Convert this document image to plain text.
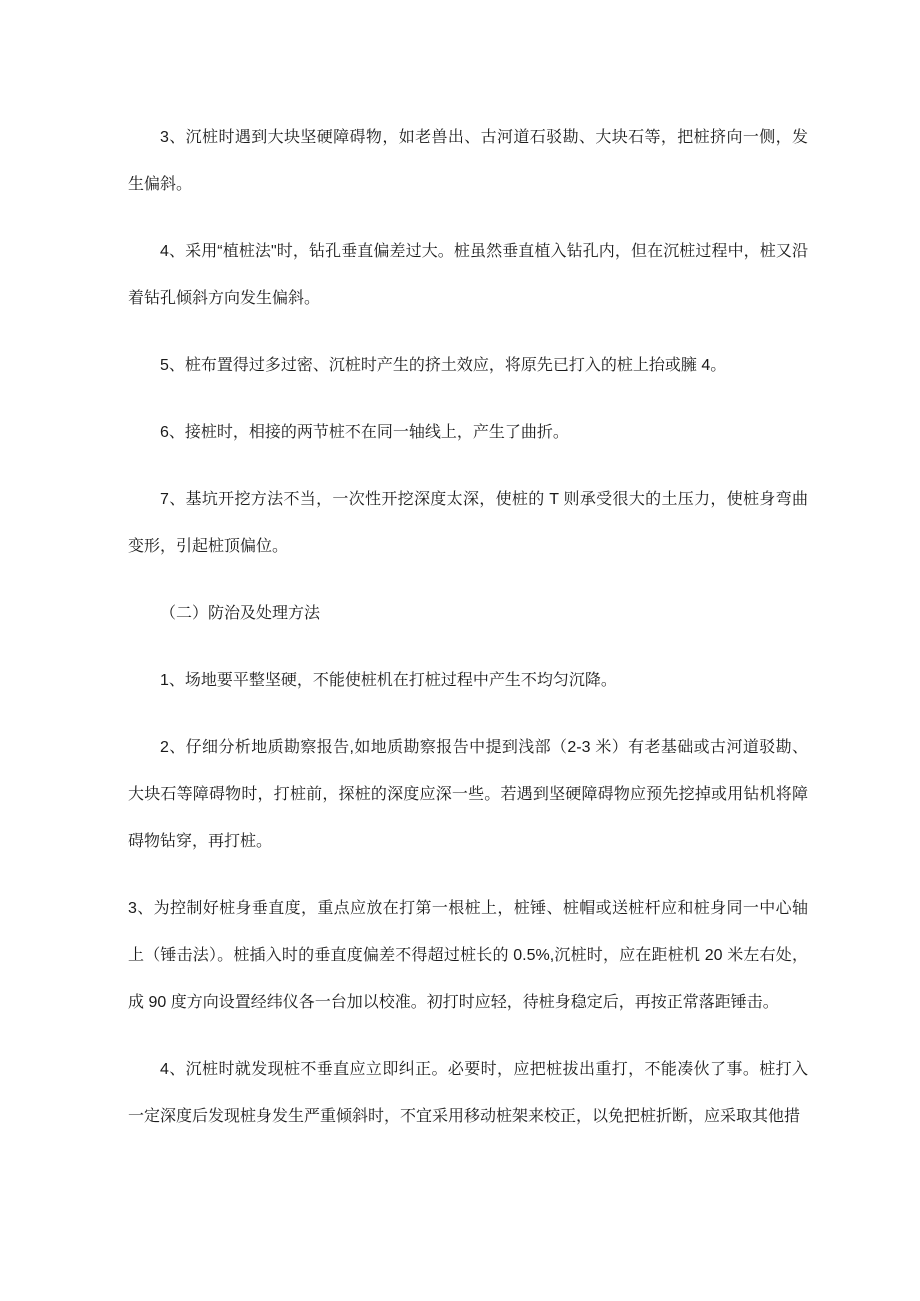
3、沉桩时遇到大块坚硬障碍物，如老兽出、古河道石驳勘、大块石等，把桩挤向一侧，发生偏斜。

4、采用“植桩法"时，钻孔垂直偏差过大。桩虽然垂直植入钻孔内，但在沉桩过程中，桩又沿着钻孔倾斜方向发生偏斜。

5、桩布置得过多过密、沉桩时产生的挤土效应，将原先已打入的桩上抬或臃 4。

6、接桩时，相接的两节桩不在同一轴线上，产生了曲折。

7、基坑开挖方法不当，一次性开挖深度太深，使桩的 T 则承受很大的土压力，使桩身弯曲变形，引起桩顶偏位。

（二）防治及处理方法

1、场地要平整坚硬，不能使桩机在打桩过程中产生不均匀沉降。

2、仔细分析地质勘察报告,如地质勘察报告中提到浅部（2-3 米）有老基础或古河道驳勘、大块石等障碍物时，打桩前，探桩的深度应深一些。若遇到坚硬障碍物应预先挖掉或用钻机将障碍物钻穿，再打桩。

3、为控制好桩身垂直度，重点应放在打第一根桩上，桩锤、桩帽或送桩杆应和桩身同一中心轴上（锤击法）。桩插入时的垂直度偏差不得超过桩长的 0.5%,沉桩时，应在距桩机 20 米左右处，成 90 度方向设置经纬仪各一台加以校准。初打时应轻，待桩身稳定后，再按正常落距锤击。

4、沉桩时就发现桩不垂直应立即纠正。必要时，应把桩拔出重打，不能凑伙了事。桩打入一定深度后发现桩身发生严重倾斜时，不宜采用移动桩架来校正，以免把桩折断，应采取其他措
